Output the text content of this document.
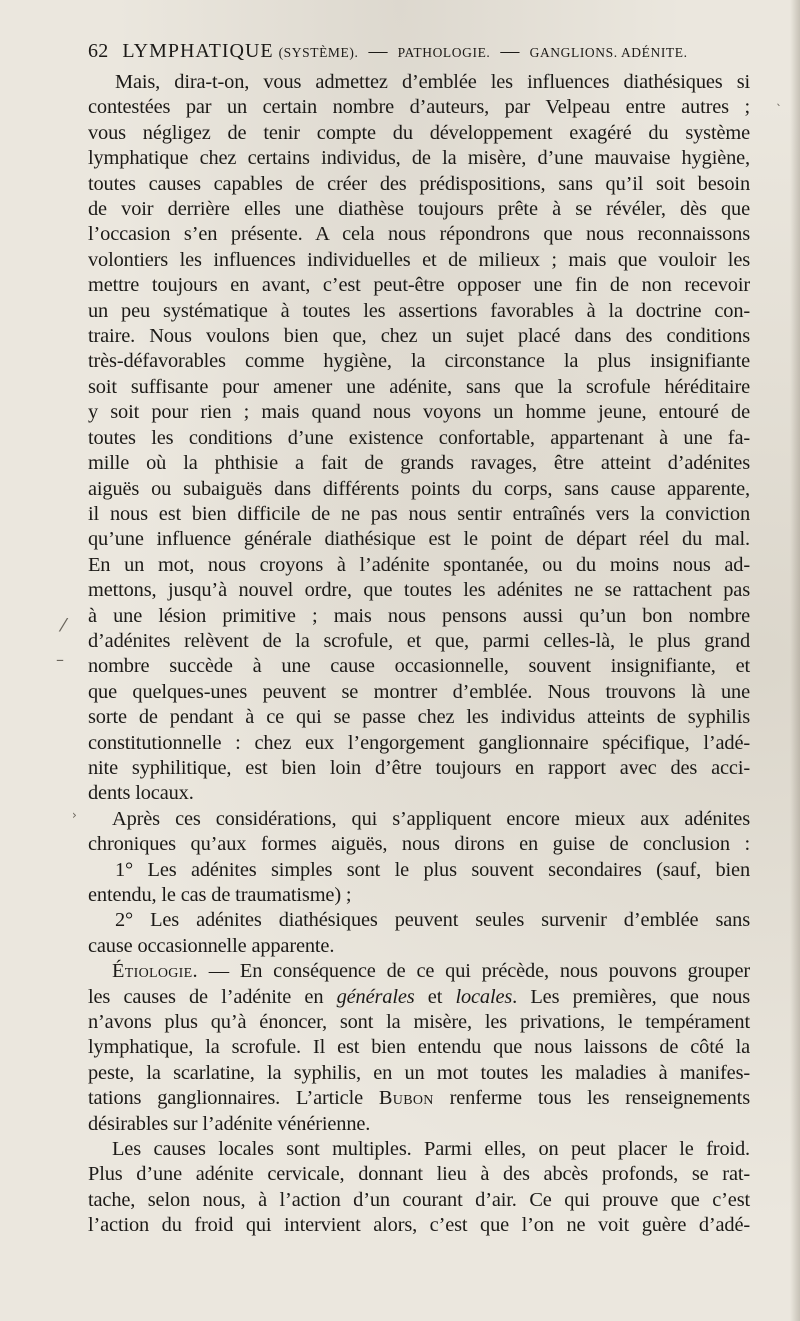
62 LYMPHATIQUE (SYSTÈME). — PATHOLOGIE. — GANGLIONS. ADÉNITE.
Mais, dira-t-on, vous admettez d’emblée les influences diathésiques si
contestées par un certain nombre d’auteurs, par Velpeau entre autres ;
vous négligez de tenir compte du développement exagéré du système
lymphatique chez certains individus, de la misère, d’une mauvaise hygiène,
toutes causes capables de créer des prédispositions, sans qu’il soit besoin
de voir derrière elles une diathèse toujours prête à se révéler, dès que
l’occasion s’en présente. A cela nous répondrons que nous reconnaissons
volontiers les influences individuelles et de milieux ; mais que vouloir les
mettre toujours en avant, c’est peut-être opposer une fin de non recevoir
un peu systématique à toutes les assertions favorables à la doctrine con-
traire. Nous voulons bien que, chez un sujet placé dans des conditions
très-défavorables comme hygiène, la circonstance la plus insignifiante
soit suffisante pour amener une adénite, sans que la scrofule héréditaire
y soit pour rien ; mais quand nous voyons un homme jeune, entouré de
toutes les conditions d’une existence confortable, appartenant à une fa-
mille où la phthisie a fait de grands ravages, être atteint d’adénites
aiguës ou subaiguës dans différents points du corps, sans cause apparente,
il nous est bien difficile de ne pas nous sentir entraînés vers la conviction
qu’une influence générale diathésique est le point de départ réel du mal.
En un mot, nous croyons à l’adénite spontanée, ou du moins nous ad-
mettons, jusqu’à nouvel ordre, que toutes les adénites ne se rattachent pas
à une lésion primitive ; mais nous pensons aussi qu’un bon nombre
d’adénites relèvent de la scrofule, et que, parmi celles-là, le plus grand
nombre succède à une cause occasionnelle, souvent insignifiante, et
que quelques-unes peuvent se montrer d’emblée. Nous trouvons là une
sorte de pendant à ce qui se passe chez les individus atteints de syphilis
constitutionnelle : chez eux l’engorgement ganglionnaire spécifique, l’adé-
nite syphilitique, est bien loin d’être toujours en rapport avec des acci-
dents locaux.
Après ces considérations, qui s’appliquent encore mieux aux adénites
chroniques qu’aux formes aiguës, nous dirons en guise de conclusion :
1° Les adénites simples sont le plus souvent secondaires (sauf, bien
entendu, le cas de traumatisme) ;
2° Les adénites diathésiques peuvent seules survenir d’emblée sans
cause occasionnelle apparente.
Étiologie. — En conséquence de ce qui précède, nous pouvons grouper
les causes de l’adénite en générales et locales. Les premières, que nous
n’avons plus qu’à énoncer, sont la misère, les privations, le tempérament
lymphatique, la scrofule. Il est bien entendu que nous laissons de côté la
peste, la scarlatine, la syphilis, en un mot toutes les maladies à manifes-
tations ganglionnaires. L’article Bubon renferme tous les renseignements
désirables sur l’adénite vénérienne.
Les causes locales sont multiples. Parmi elles, on peut placer le froid.
Plus d’une adénite cervicale, donnant lieu à des abcès profonds, se rat-
tache, selon nous, à l’action d’un courant d’air. Ce qui prouve que c’est
l’action du froid qui intervient alors, c’est que l’on ne voit guère d’adé-
ˎ
⁄
–
›
